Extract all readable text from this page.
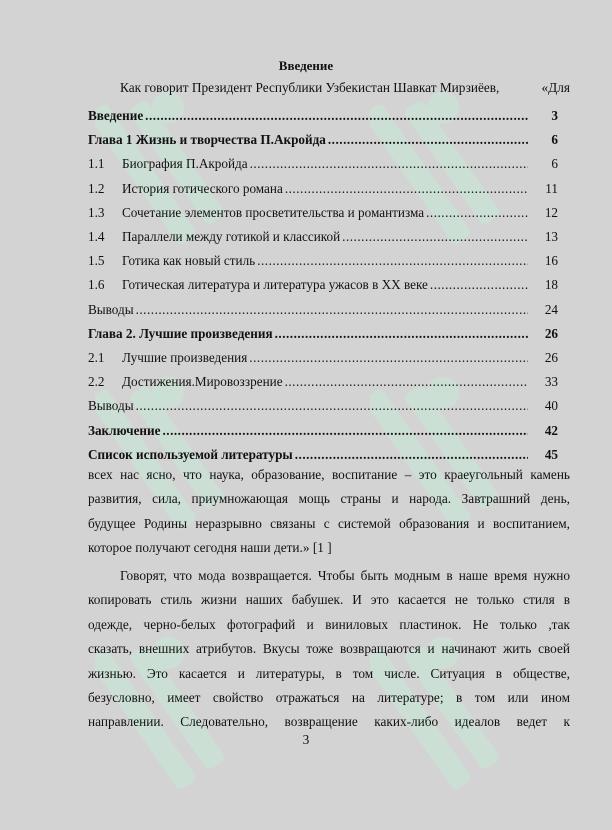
Введение
Как говорит Президент Республики Узбекистан Шавкат Мирзиёев,	«Для
Введение .....	3
Глава 1 Жизнь и творчества П.Акройда .....	6
1.1	Биография П.Акройда .....	6
1.2	История готического романа .....	11
1.3	Сочетание элементов просветительства и романтизма .....	12
1.4	Параллели между готикой и классикой .....	13
1.5	Готика как новый стиль .....	16
1.6	Готическая литература и литература ужасов в XX веке .....	18
Выводы .....	24
Глава 2. Лучшие произведения .....	26
2.1	Лучшие произведения .....	26
2.2	Достижения.Мировоззрение .....	33
Выводы .....	40
Заключение .....	42
Список используемой литературы .....	45
всех нас ясно, что наука, образование, воспитание – это краеугольный камень
развития, сила, приумножающая мощь страны и народа. Завтрашний день,
будущее Родины неразрывно связаны с системой образования и воспитанием,
которое получают сегодня наши дети.» [1 ]
Говорят, что мода возвращается. Чтобы быть модным в наше время нужно
копировать стиль жизни наших бабушек. И это касается не только стиля в
одежде, черно-белых фотографий и виниловых пластинок. Не только ,так
сказать, внешних атрибутов. Вкусы тоже возвращаются и начинают жить своей
жизнью. Это касается и литературы, в том числе. Ситуация в обществе,
безусловно, имеет свойство отражаться на литературе; в том или ином
направлении. Следовательно, возвращение каких-либо идеалов ведет к
3
